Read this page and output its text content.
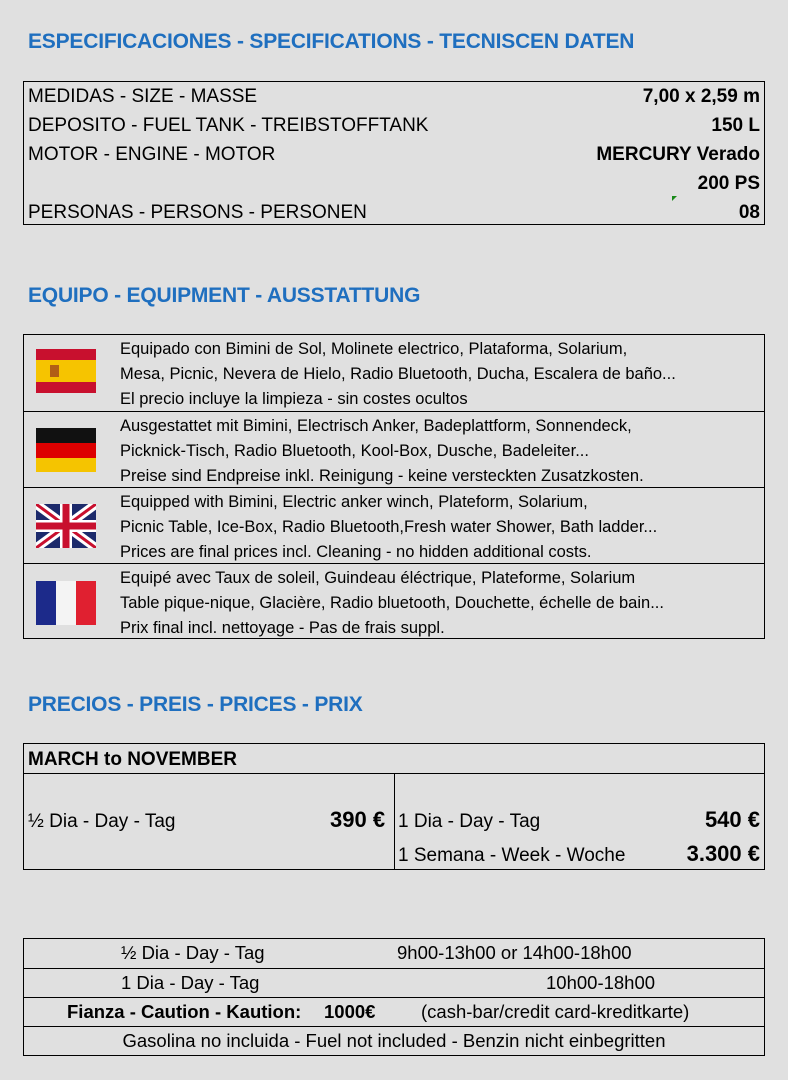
ESPECIFICACIONES - SPECIFICATIONS - TECNISCEN DATEN
MEDIDAS - SIZE - MASSE	7,00 x 2,59 m
DEPOSITO - FUEL TANK - TREIBSTOFFTANK	150 L
MOTOR - ENGINE - MOTOR	MERCURY Verado
200 PS
PERSONAS - PERSONS - PERSONEN	08
EQUIPO - EQUIPMENT - AUSSTATTUNG
Equipado con Bimini de Sol, Molinete electrico, Plataforma, Solarium,
Mesa, Picnic, Nevera de Hielo, Radio Bluetooth, Ducha, Escalera de baño...
El precio incluye la limpieza - sin costes ocultos
Ausgestattet mit Bimini, Electrisch Anker, Badeplattform, Sonnendeck,
Picknick-Tisch, Radio Bluetooth, Kool-Box, Dusche, Badeleiter...
Preise sind Endpreise inkl. Reinigung - keine versteckten Zusatzkosten.
Equipped with Bimini, Electric anker winch, Plateform, Solarium,
Picnic Table, Ice-Box, Radio Bluetooth,Fresh water Shower, Bath ladder...
Prices are final prices incl. Cleaning - no hidden additional costs.
Equipé avec Taux de soleil, Guindeau éléctrique, Plateforme, Solarium
Table pique-nique, Glacière, Radio bluetooth, Douchette, échelle de bain...
Prix final incl. nettoyage - Pas de frais suppl.
PRECIOS - PREIS - PRICES - PRIX
MARCH to NOVEMBER
½ Dia - Day - Tag	390 € 1 Dia - Day - Tag	540 €
1 Semana - Week - Woche	3.300 €
½ Dia - Day - Tag	9h00-13h00 or 14h00-18h00
1 Dia - Day - Tag	10h00-18h00
Fianza - Caution - Kaution: 1000€ (cash-bar/credit card-kreditkarte)
Gasolina no incluida - Fuel not included - Benzin nicht einbegritten
